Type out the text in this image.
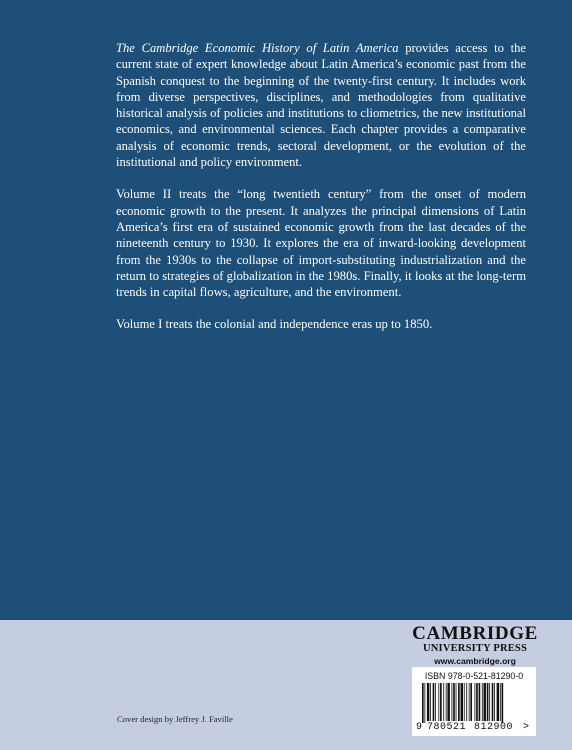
The Cambridge Economic History of Latin America provides access to the current state of expert knowledge about Latin America’s economic past from the Spanish conquest to the beginning of the twenty-first century. It includes work from diverse perspectives, disciplines, and methodologies from qualitative historical analysis of policies and institutions to cliometrics, the new institutional economics, and environmental sciences. Each chapter provides a comparative analysis of economic trends, sectoral development, or the evolution of the institutional and policy environment.

Volume II treats the “long twentieth century” from the onset of modern economic growth to the present. It analyzes the principal dimensions of Latin America’s first era of sustained economic growth from the last decades of the nineteenth century to 1930. It explores the era of inward-looking development from the 1930s to the collapse of import-substituting industrialization and the return to strategies of globalization in the 1980s. Finally, it looks at the long-term trends in capital flows, agriculture, and the environment.

Volume I treats the colonial and independence eras up to 1850.

CAMBRIDGE
UNIVERSITY PRESS
www.cambridge.org
ISBN 978-0-521-81290-0
9 780521 812900 >
Cover design by Jeffrey J. Faville
